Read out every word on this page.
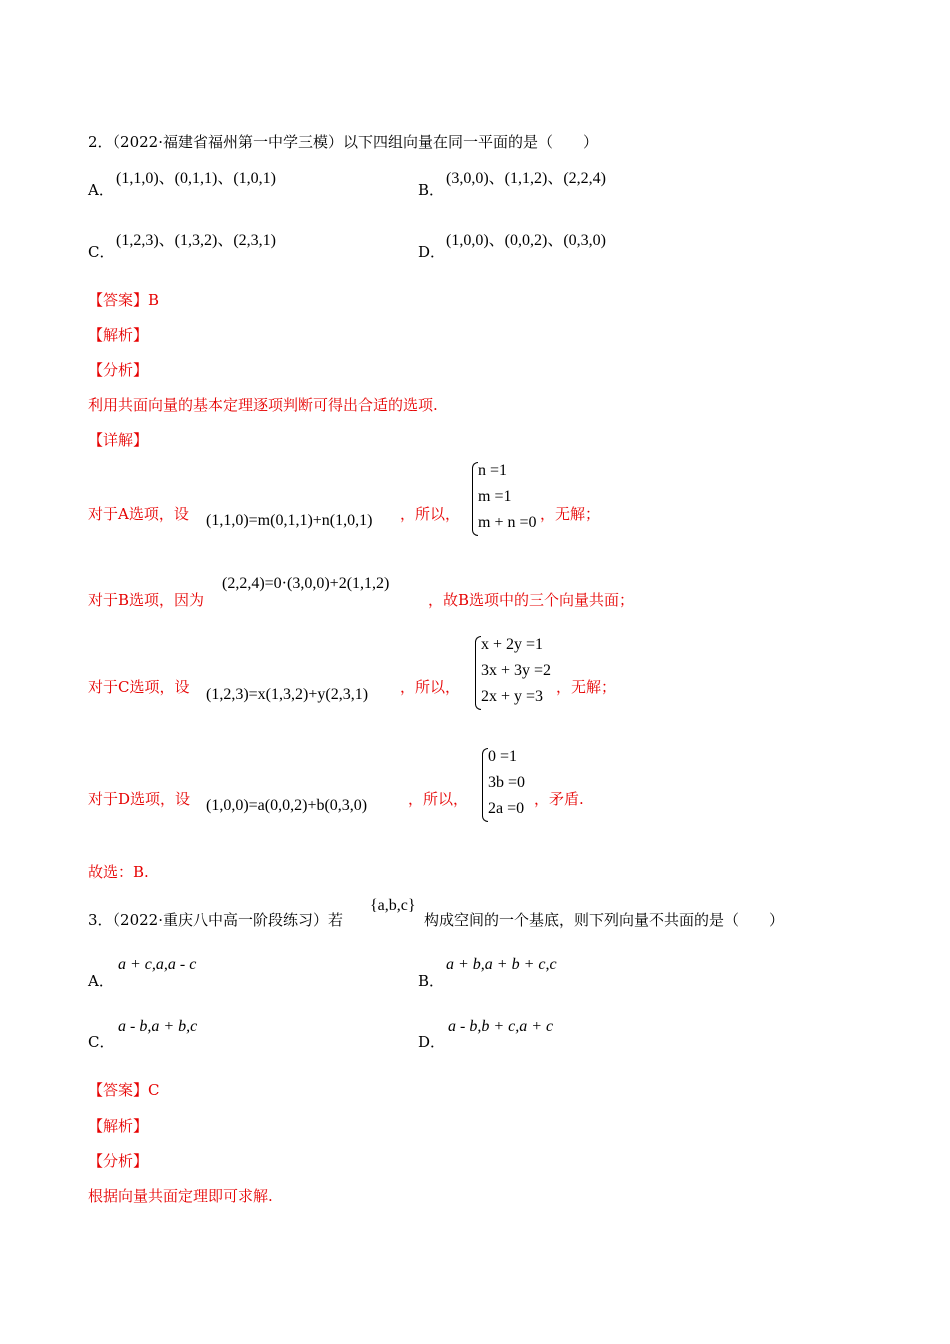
2．（2022·福建省福州第一中学三模）以下四组向量在同一平面的是（　　）
A．
(1,1,0)、(0,1,1)、(1,0,1)
B．
(3,0,0)、(1,1,2)、(2,2,4)
C．
(1,2,3)、(1,3,2)、(2,3,1)
D．
(1,0,0)、(0,0,2)、(0,3,0)
【答案】B
【解析】
【分析】
利用共面向量的基本定理逐项判断可得出合适的选项.
【详解】
对于A选项，设 (1,1,0)=m(0,1,1)+n(1,0,1) ，所以，
n =1
m =1
m + n =0 ，无解；
对于B选项，因为
(2,2,4)=0·(3,0,0)+2(1,1,2)
，故B选项中的三个向量共面；
对于C选项，设 (1,2,3)=x(1,3,2)+y(2,3,1) ，所以，
x + 2y =1
3x + 3y =2
2x + y =3
，无解；
对于D选项，设 (1,0,0)=a(0,0,2)+b(0,3,0)	，所以，
0 =1
3b =0
2a =0
，矛盾.
故选：B.
3．（2022·重庆八中高一阶段练习）若
{a,b,c}
构成空间的一个基底，则下列向量不共面的是（　　）
A．
a + c,a,a - c
B．
a + b,a + b + c,c
C．
a - b,a + b,c
D．
a - b,b + c,a + c
【答案】C
【解析】
【分析】
根据向量共面定理即可求解.
